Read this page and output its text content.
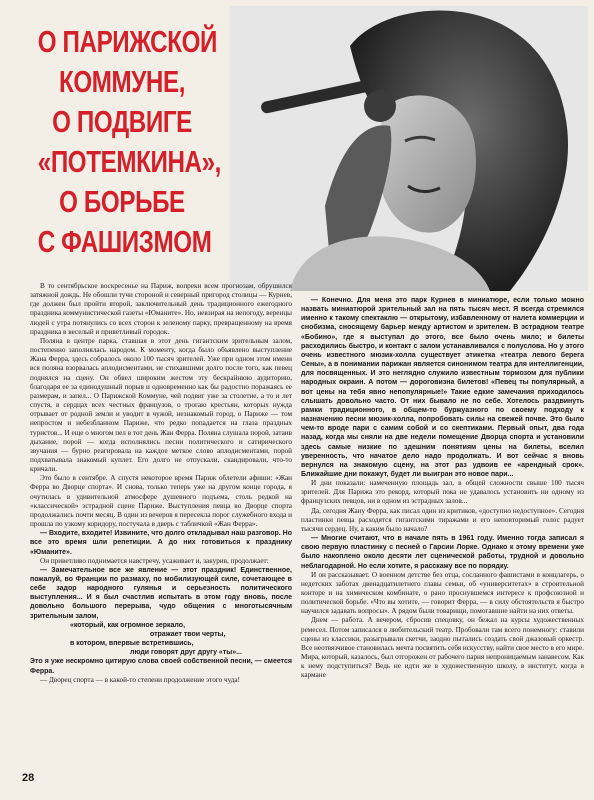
О ПАРИЖСКОЙ
КОММУНЕ,
О ПОДВИГЕ
«ПОТЕМКИНА»,
О БОРЬБЕ
С ФАШИЗМОМ

В то сентябрьское воскресенье на Париж, вопреки всем прогнозам, обрушился затяжной дождь. Не обошли тучи стороной и северный пригород столицы — Курнев, где должен был пройти второй, заключительный день традиционного ежегодного праздника коммунистической газеты «Юманите». Но, невзирая на непогоду, веренцы людей с утра потянулись со всех сторон к зеленому парку, превращенному на время праздника в веселый и приветливый городок.

Поляна в центре парка, ставшая в этот день гигантским зрительным залом, постепенно заполнялась народом. К моменту, когда было объявлено выступление Жана Ферра, здесь собралось около 100 тысяч зрителей. Уже при одном этом имени вся поляна взорвалась аплодисментами, не стихавшими долго после того, как певец поднялся на сцену. Он обвел широким жестом эту бескрайнюю аудиторию, благодаря ее за единодушный порыв и одновременно как бы радостно поражаясь ее размерам, и запел... О Парижской Коммуне, чей подвиг уже за столетие, а то и лет спустя, в сердцах всех честных французов, о трогаю крестьян, которых нужда отрывает от родной земли и уводит в чужой, незнакомый город, о Париже — том непростом и небезбланном Париже, что редко попадается на глаза праздных туристов... И еще о многом пел в тот день Жан Ферра. Поляна слушала порой, затаив дыхание, порой — когда исполнялись песни политического и сатирического звучания — бурно реагировала на каждое меткое слово аплодисментами, порой подхватывала знакомый куплет. Его долго не отпускали, скандировали, что-то кричали.

Это было в сентябре. А спустя некоторое время Париж облетели афиши: «Жан Ферра во Дворце спорта». И снова, только теперь уже на другом конце города, я очутилась в удивительной атмосфере душевного подъема, столь редкой на «классической» эстрадной сцене Париже. Выступления певца во Дворце спорта продолжались почти месяц. В один из вечеров я пересекла порог служебного входа и прошла по узкому коридору, постучала в дверь с табличкой «Жан Ферра».

— Входите, входите! Извините, что долго откладывал наш разговор. Но все это время шли репетиции. А до них готовиться к празднику «Юманите».

Он приветливо поднимается навстречу, усаживает и, закурив, продолжает:

— Замечательное все же явление — этот праздник! Единственное, пожалуй, во Франции по размаху, по мобилизующей силе, сочетающее в себе задор народного гулянья и серьезность политического выступления... И я был счастлив испытать в этом году вновь, после довольно большого перерыва, чудо общения с многотысячным зрительным залом,

«который, как огромное зеркало,

отражает твои черты,

в котором, впервые встретившись,

люди говорят друг другу «ты»...

Это я уже нескромно цитирую слова своей собственной песни, — смеется Ферра.

— Дворец спорта — в какой-то степени продолжение этого чуда!

— Конечно. Для меня это парк Курнев в миниатюре, если только можно назвать миниатюрой зрительный зал на пять тысяч мест. Я всегда стремился именно к такому спектаклю — открытому, избавленному от налета коммерции и снобизма, сносящему барьер между артистом и зрителем. В эстрадном театре «Бобино», где я выступал до этого, все было очень мило; и билеты расходились быстро, и контакт с залом устанавливался с полуслова. Но у этого очень известного мюзик-холла существует этикетка «театра левого берега Сены», а в понимании парижан является синонимом театра для интеллигенции, для посвященных. И это неглядно служило известным тормозом для публики народных окраин. А потом — дороговизна билетов! «Певец ты популярный, а вот цены на тебя явно непопулярные!» Такие едкие замечания приходилось слышать довольно часто. От них бывало не по себе. Хотелось раздвинуть рамки традиционного, в общем-то буржуазного по своему подходу к назначению песни мюзик-холла, попробовать силы на свежей почве. Это было чем-то вроде пари с самим собой и со скептиками. Первый опыт, два года назад, когда мы сняли на две недели помещение Дворца спорта и установили здесь самые низкие по здешним понятиям цены на билеты, вселил уверенность, что начатое дело надо продолжать. И вот сейчас я вновь вернулся на знакомую сцену, на этот раз удвоив ее «арендный срок». Ближайшие дни покажут, будет ли выигран это новое пари...

И дни показали: намеченную площадь зал, в общей сложности свыше 100 тысяч зрителей. Для Парижа это рекорд, который пока не удавалось установить ни одному из французских певцов, ни в одном из эстрадных залов...

Да, сегодня Жану Ферра, как писал один из критиков, «доступно недоступное». Сегодня пластинки певца расходятся гигантскими тиражами и его неповторимый голос радует тысячи сердец. Ну, а каким было начало?

— Многие считают, что в начале пять в 1961 году. Именно тогда записал я свою первую пластинку с песней о Гарсии Лорке. Однако к этому времени уже было накоплено около десяти лет сценической работы, трудной и довольно неблагодарной. Но если хотите, я расскажу все по порядку.

И он рассказывает. О военном детстве без отца, сосланного фашистами в концлагерь, о недетских заботах двенадцатилетнего главы семьи, об «университетах» в строительной конторе и на химическом комбинате, о рано проснувшемся интересе к профсоюзной и политической борьбе. «Что вы хотите, — говорит Ферра, — в силу обстоятельств я быстро научился задавать вопросы». А рядом были товарищи, помогавшие найти на них ответы.

Днем — работа. А вечером, сбросив спецовку, он бежал на курсы художественных ремесел. Потом записался в любительский театр. Пробовали там всего понемногу: ставили сцены из классики, разыгрывали скетчи, заодно пытались создать свой джазовый оркестр. Все неотвязчивое становилась мечта посвятить себя искусству, найти свое место в его мире. Мира, который, казалось, был отгорожен от рабочего парня непроницаемым занавесом. Как к нему подступиться? Ведь не идти же в художественную школу, в институт, когда в кармане

28
